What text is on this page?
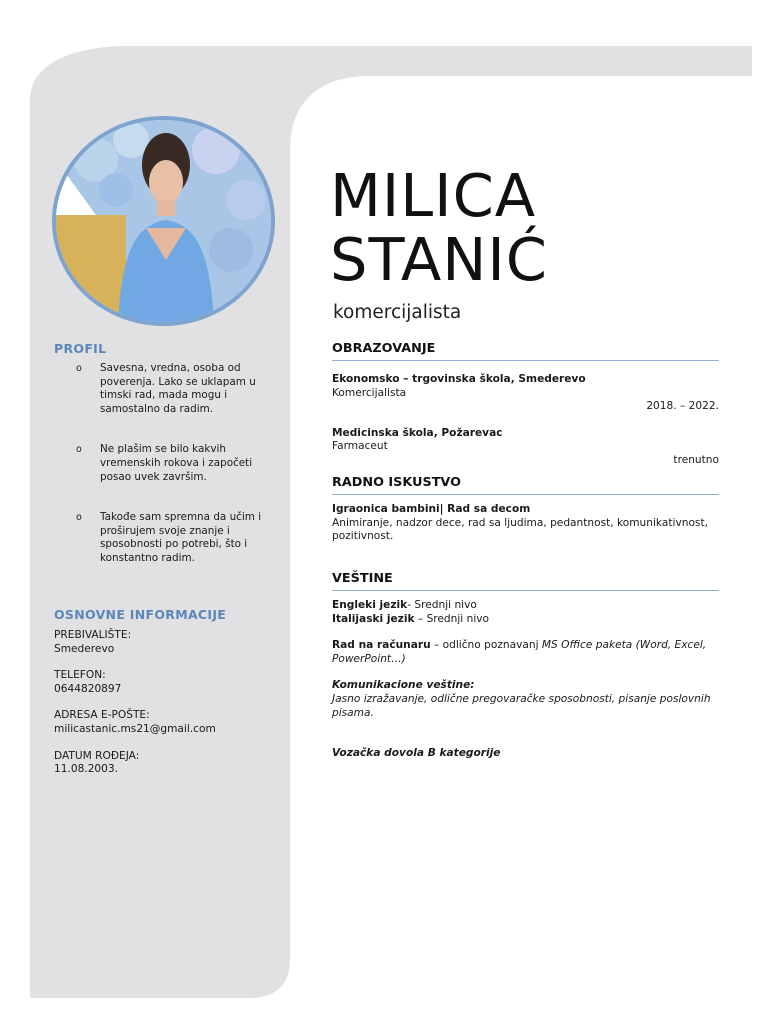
PROFIL
o Savesna, vredna, osoba od poverenja. Lako se uklapam u timski rad, mada mogu i samostalno da radim.
o Ne plašim se bilo kakvih vremenskih rokova i započeti posao uvek završim.
o Takođe sam spremna da učim i proširujem svoje znanje i sposobnosti po potrebi, što i konstantno radim.
OSNOVNE INFORMACIJE
PREBIVALIŠTE:
Smederevo
TELEFON:
0644820897
ADRESA E-POŠTE:
milicastanic.ms21@gmail.com
DATUM ROĐEJA:
11.08.2003.
MILICA
STANIĆ
komercijalista
OBRAZOVANJE
Ekonomsko – trgovinska škola, Smederevo
Komercijalista
2018. – 2022.
Medicinska škola, Požarevac
Farmaceut
trenutno
RADNO ISKUSTVO
Igraonica bambini| Rad sa decom
Animiranje, nadzor dece, rad sa ljudima, pedantnost, komunikativnost, pozitivnost.
VEŠTINE
Engleki jezik- Srednji nivo
Italijaski jezik – Srednji nivo
Rad na računaru – odlično poznavanj MS Office paketa (Word, Excel, PowerPoint…)
Komunikacione veštine:
Jasno izražavanje, odlične pregovaračke sposobnosti, pisanje poslovnih pisama.
Vozačka dovola B kategorije
